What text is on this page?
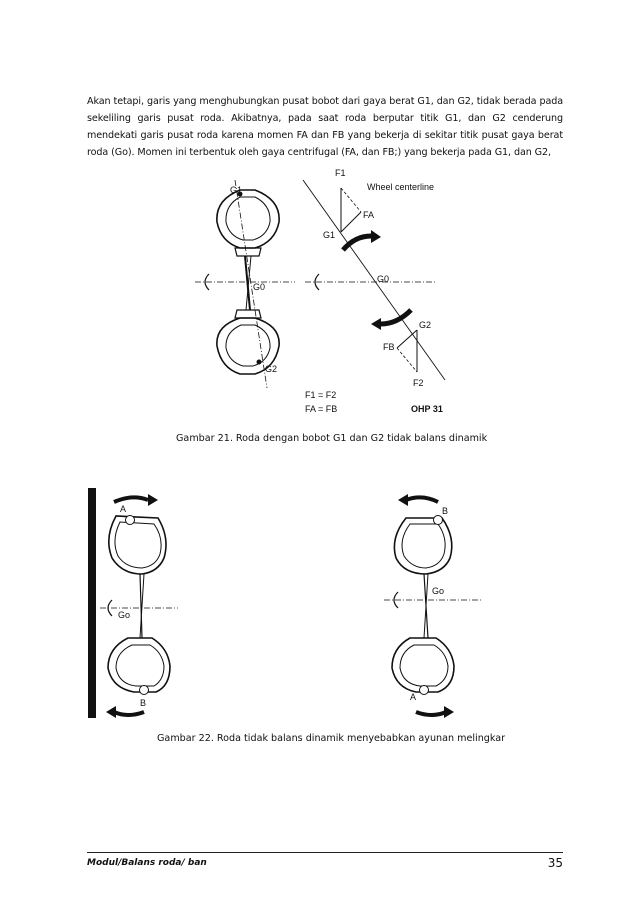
Akan tetapi, garis yang menghubungkan pusat bobot dari gaya berat G1, dan G2, tidak berada pada sekeliling garis pusat roda. Akibatnya, pada saat roda berputar titik G1, dan G2 cenderung mendekati garis pusat roda karena momen FA dan FB yang bekerja di sekitar titik pusat gaya berat roda (Go). Momen ini terbentuk oleh gaya centrifugal (FA, dan FB;) yang bekerja pada G1, dan G2,

G1
G0
G2
F1
Wheel centerline
FA
G1
G0
G2
FB
F2
F1 = F2
FA = FB	OHP 31

Gambar 21. Roda dengan bobot G1 dan G2 tidak balans dinamik

A
Go
B
B
Go
A

Gambar 22. Roda tidak balans dinamik menyebabkan ayunan melingkar

Modul/Balans roda/ ban	35
